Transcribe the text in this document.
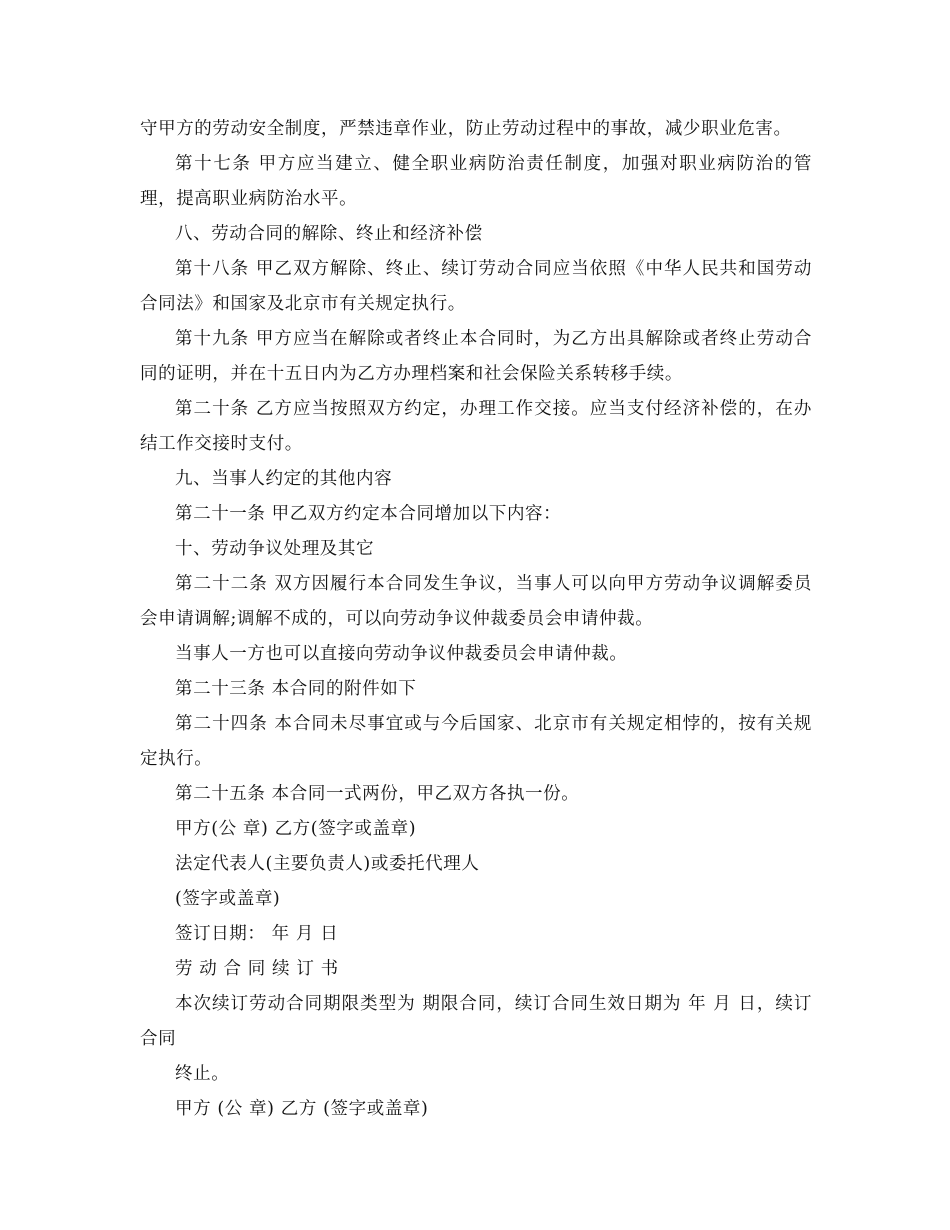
守甲方的劳动安全制度，严禁违章作业，防止劳动过程中的事故，减少职业危害。

第十七条 甲方应当建立、健全职业病防治责任制度，加强对职业病防治的管理，提高职业病防治水平。

八、劳动合同的解除、终止和经济补偿

第十八条 甲乙双方解除、终止、续订劳动合同应当依照《中华人民共和国劳动合同法》和国家及北京市有关规定执行。

第十九条 甲方应当在解除或者终止本合同时，为乙方出具解除或者终止劳动合同的证明，并在十五日内为乙方办理档案和社会保险关系转移手续。

第二十条 乙方应当按照双方约定，办理工作交接。应当支付经济补偿的，在办结工作交接时支付。

九、当事人约定的其他内容

第二十一条 甲乙双方约定本合同增加以下内容：

十、劳动争议处理及其它

第二十二条 双方因履行本合同发生争议，当事人可以向甲方劳动争议调解委员会申请调解;调解不成的，可以向劳动争议仲裁委员会申请仲裁。

当事人一方也可以直接向劳动争议仲裁委员会申请仲裁。

第二十三条 本合同的附件如下

第二十四条 本合同未尽事宜或与今后国家、北京市有关规定相悖的，按有关规定执行。

第二十五条 本合同一式两份，甲乙双方各执一份。

甲方(公 章) 乙方(签字或盖章)

法定代表人(主要负责人)或委托代理人

(签字或盖章)

签订日期： 年 月 日

劳 动 合 同 续 订 书

本次续订劳动合同期限类型为 期限合同，续订合同生效日期为 年 月 日，续订合同

终止。

甲方 (公 章) 乙方 (签字或盖章)
